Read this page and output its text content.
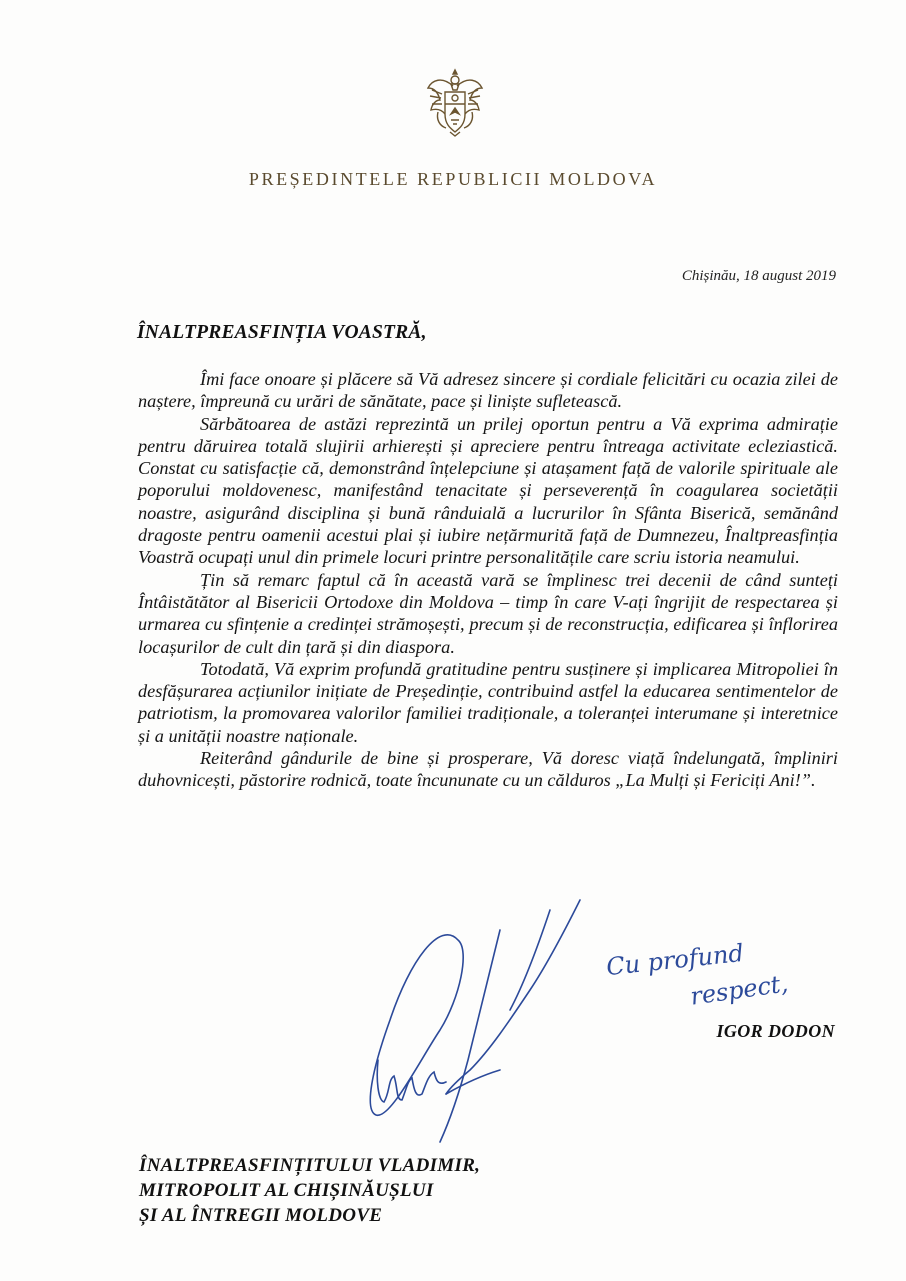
PREȘEDINTELE REPUBLICII MOLDOVA
Chișinău, 18 august 2019
ÎNALTPREASFINȚIA VOASTRĂ,

Îmi face onoare și plăcere să Vă adresez sincere și cordiale felicitări cu ocazia zilei de naștere, împreună cu urări de sănătate, pace și liniște sufletească.

Sărbătoarea de astăzi reprezintă un prilej oportun pentru a Vă exprima admirație pentru dăruirea totală slujirii arhierești și apreciere pentru întreaga activitate ecleziastică. Constat cu satisfacție că, demonstrând înțelepciune și atașament față de valorile spirituale ale poporului moldovenesc, manifestând tenacitate și perseverență în coagularea societății noastre, asigurând disciplina și bună rânduială a lucrurilor în Sfânta Biserică, semănând dragoste pentru oamenii acestui plai și iubire nețărmurită față de Dumnezeu, Înaltpreasfinția Voastră ocupați unul din primele locuri printre personalitățile care scriu istoria neamului.

Țin să remarc faptul că în această vară se împlinesc trei decenii de când sunteți Întâistătător al Bisericii Ortodoxe din Moldova – timp în care V-ați îngrijit de respectarea și urmarea cu sfințenie a credinței strămoșești, precum și de reconstrucția, edificarea și înflorirea locașurilor de cult din țară și din diaspora.

Totodată, Vă exprim profundă gratitudine pentru susținere și implicarea Mitropoliei în desfășurarea acțiunilor inițiate de Președinție, contribuind astfel la educarea sentimentelor de patriotism, la promovarea valorilor familiei tradiționale, a toleranței interumane și interetnice și a unității noastre naționale.

Reiterând gândurile de bine și prosperare, Vă doresc viață îndelungată, împliniri duhovnicești, păstorire rodnică, toate încununate cu un călduros „La Mulți și Fericiți Ani!”.

Cu profund
respect,
IGOR DODON
ÎNALTPREASFINȚITULUI VLADIMIR,
MITROPOLIT AL CHIȘINĂUȘLUI
ȘI AL ÎNTREGII MOLDOVE
